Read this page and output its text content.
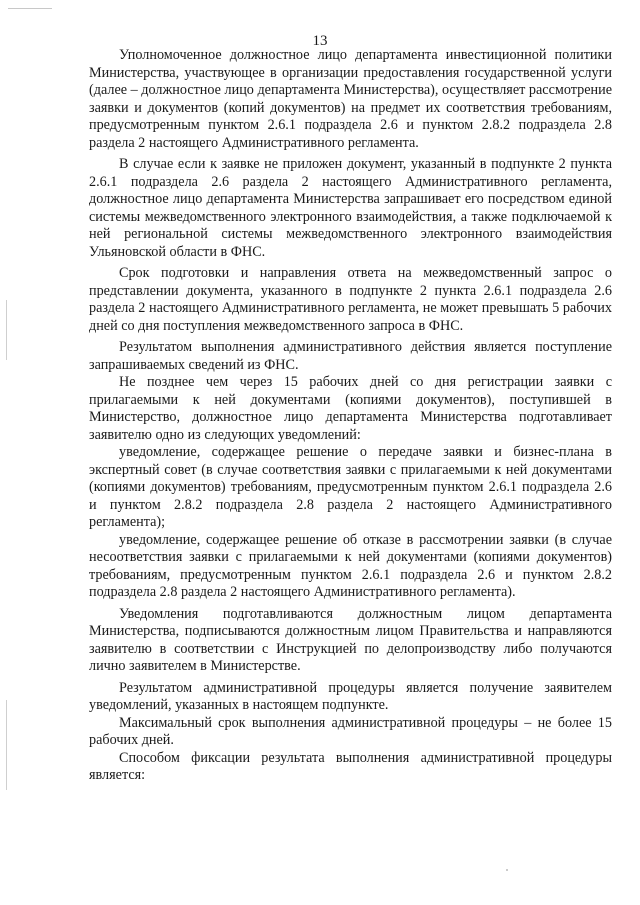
13

Уполномоченное должностное лицо департамента инвестиционной политики Министерства, участвующее в организации предоставления государственной услуги (далее – должностное лицо департамента Министерства), осуществляет рассмотрение заявки и документов (копий документов) на предмет их соответствия требованиям, предусмотренным пунктом 2.6.1 подраздела 2.6 и пунктом 2.8.2 подраздела 2.8 раздела 2 настоящего Административного регламента.

В случае если к заявке не приложен документ, указанный в подпункте 2 пункта 2.6.1 подраздела 2.6 раздела 2 настоящего Административного регламента, должностное лицо департамента Министерства запрашивает его посредством единой системы межведомственного электронного взаимодействия, а также подключаемой к ней региональной системы межведомственного электронного взаимодействия Ульяновской области в ФНС.

Срок подготовки и направления ответа на межведомственный запрос о представлении документа, указанного в подпункте 2 пункта 2.6.1 подраздела 2.6 раздела 2 настоящего Административного регламента, не может превышать 5 рабочих дней со дня поступления межведомственного запроса в ФНС.

Результатом выполнения административного действия является поступление запрашиваемых сведений из ФНС.

Не позднее чем через 15 рабочих дней со дня регистрации заявки с прилагаемыми к ней документами (копиями документов), поступившей в Министерство, должностное лицо департамента Министерства подготавливает заявителю одно из следующих уведомлений:

уведомление, содержащее решение о передаче заявки и бизнес-плана в экспертный совет (в случае соответствия заявки с прилагаемыми к ней документами (копиями документов) требованиям, предусмотренным пунктом 2.6.1 подраздела 2.6 и пунктом 2.8.2 подраздела 2.8 раздела 2 настоящего Административного регламента);

уведомление, содержащее решение об отказе в рассмотрении заявки (в случае несоответствия заявки с прилагаемыми к ней документами (копиями документов) требованиям, предусмотренным пунктом 2.6.1 подраздела 2.6 и пунктом 2.8.2 подраздела 2.8 раздела 2 настоящего Административного регламента).

Уведомления подготавливаются должностным лицом департамента Министерства, подписываются должностным лицом Правительства и направляются заявителю в соответствии с Инструкцией по делопроизводству либо получаются лично заявителем в Министерстве.

Результатом административной процедуры является получение заявителем уведомлений, указанных в настоящем подпункте.

Максимальный срок выполнения административной процедуры – не более 15 рабочих дней.

Способом фиксации результата выполнения административной процедуры является:
